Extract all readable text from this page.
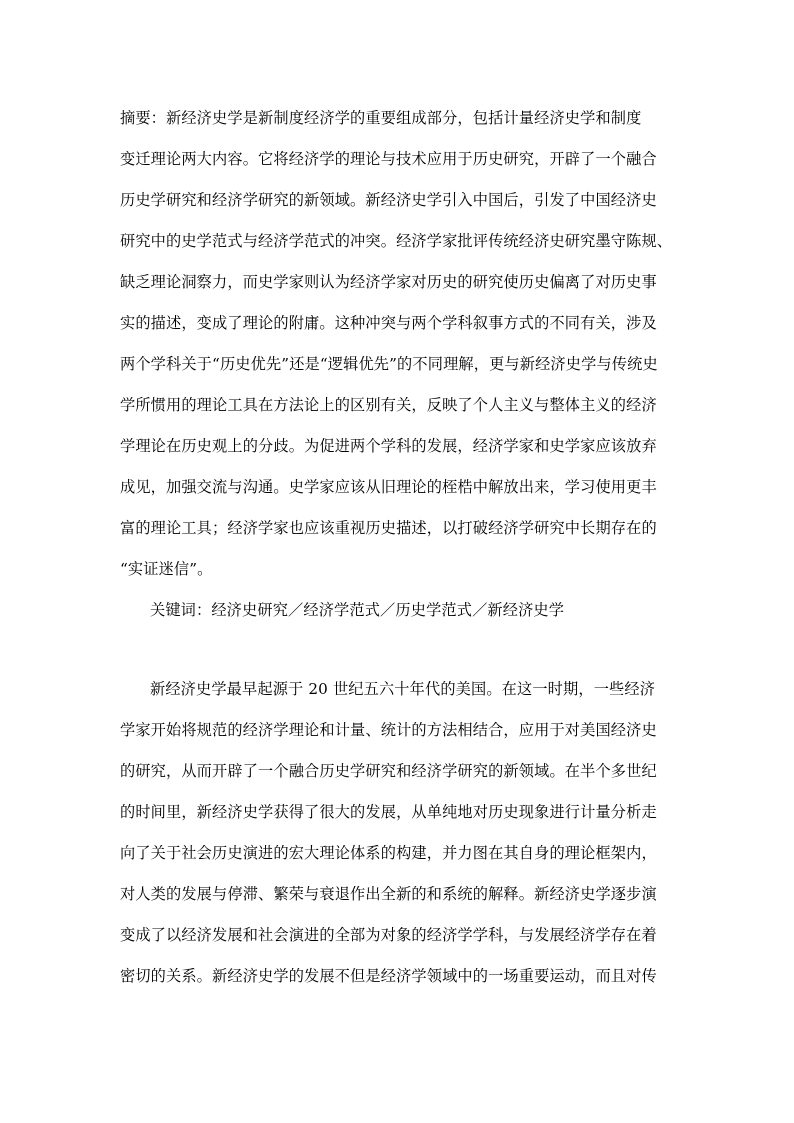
摘要：新经济史学是新制度经济学的重要组成部分，包括计量经济史学和制度
变迁理论两大内容。它将经济学的理论与技术应用于历史研究，开辟了一个融合
历史学研究和经济学研究的新领域。新经济史学引入中国后，引发了中国经济史
研究中的史学范式与经济学范式的冲突。经济学家批评传统经济史研究墨守陈规、
缺乏理论洞察力，而史学家则认为经济学家对历史的研究使历史偏离了对历史事
实的描述，变成了理论的附庸。这种冲突与两个学科叙事方式的不同有关，涉及
两个学科关于“历史优先”还是“逻辑优先”的不同理解，更与新经济史学与传统史
学所惯用的理论工具在方法论上的区别有关，反映了个人主义与整体主义的经济
学理论在历史观上的分歧。为促进两个学科的发展，经济学家和史学家应该放弃
成见，加强交流与沟通。史学家应该从旧理论的桎梏中解放出来，学习使用更丰
富的理论工具；经济学家也应该重视历史描述，以打破经济学研究中长期存在的
“实证迷信”。
关键词：经济史研究／经济学范式／历史学范式／新经济史学
新经济史学最早起源于 20 世纪五六十年代的美国。在这一时期，一些经济
学家开始将规范的经济学理论和计量、统计的方法相结合，应用于对美国经济史
的研究，从而开辟了一个融合历史学研究和经济学研究的新领域。在半个多世纪
的时间里，新经济史学获得了很大的发展，从单纯地对历史现象进行计量分析走
向了关于社会历史演进的宏大理论体系的构建，并力图在其自身的理论框架内，
对人类的发展与停滞、繁荣与衰退作出全新的和系统的解释。新经济史学逐步演
变成了以经济发展和社会演进的全部为对象的经济学学科，与发展经济学存在着
密切的关系。新经济史学的发展不但是经济学领域中的一场重要运动，而且对传
